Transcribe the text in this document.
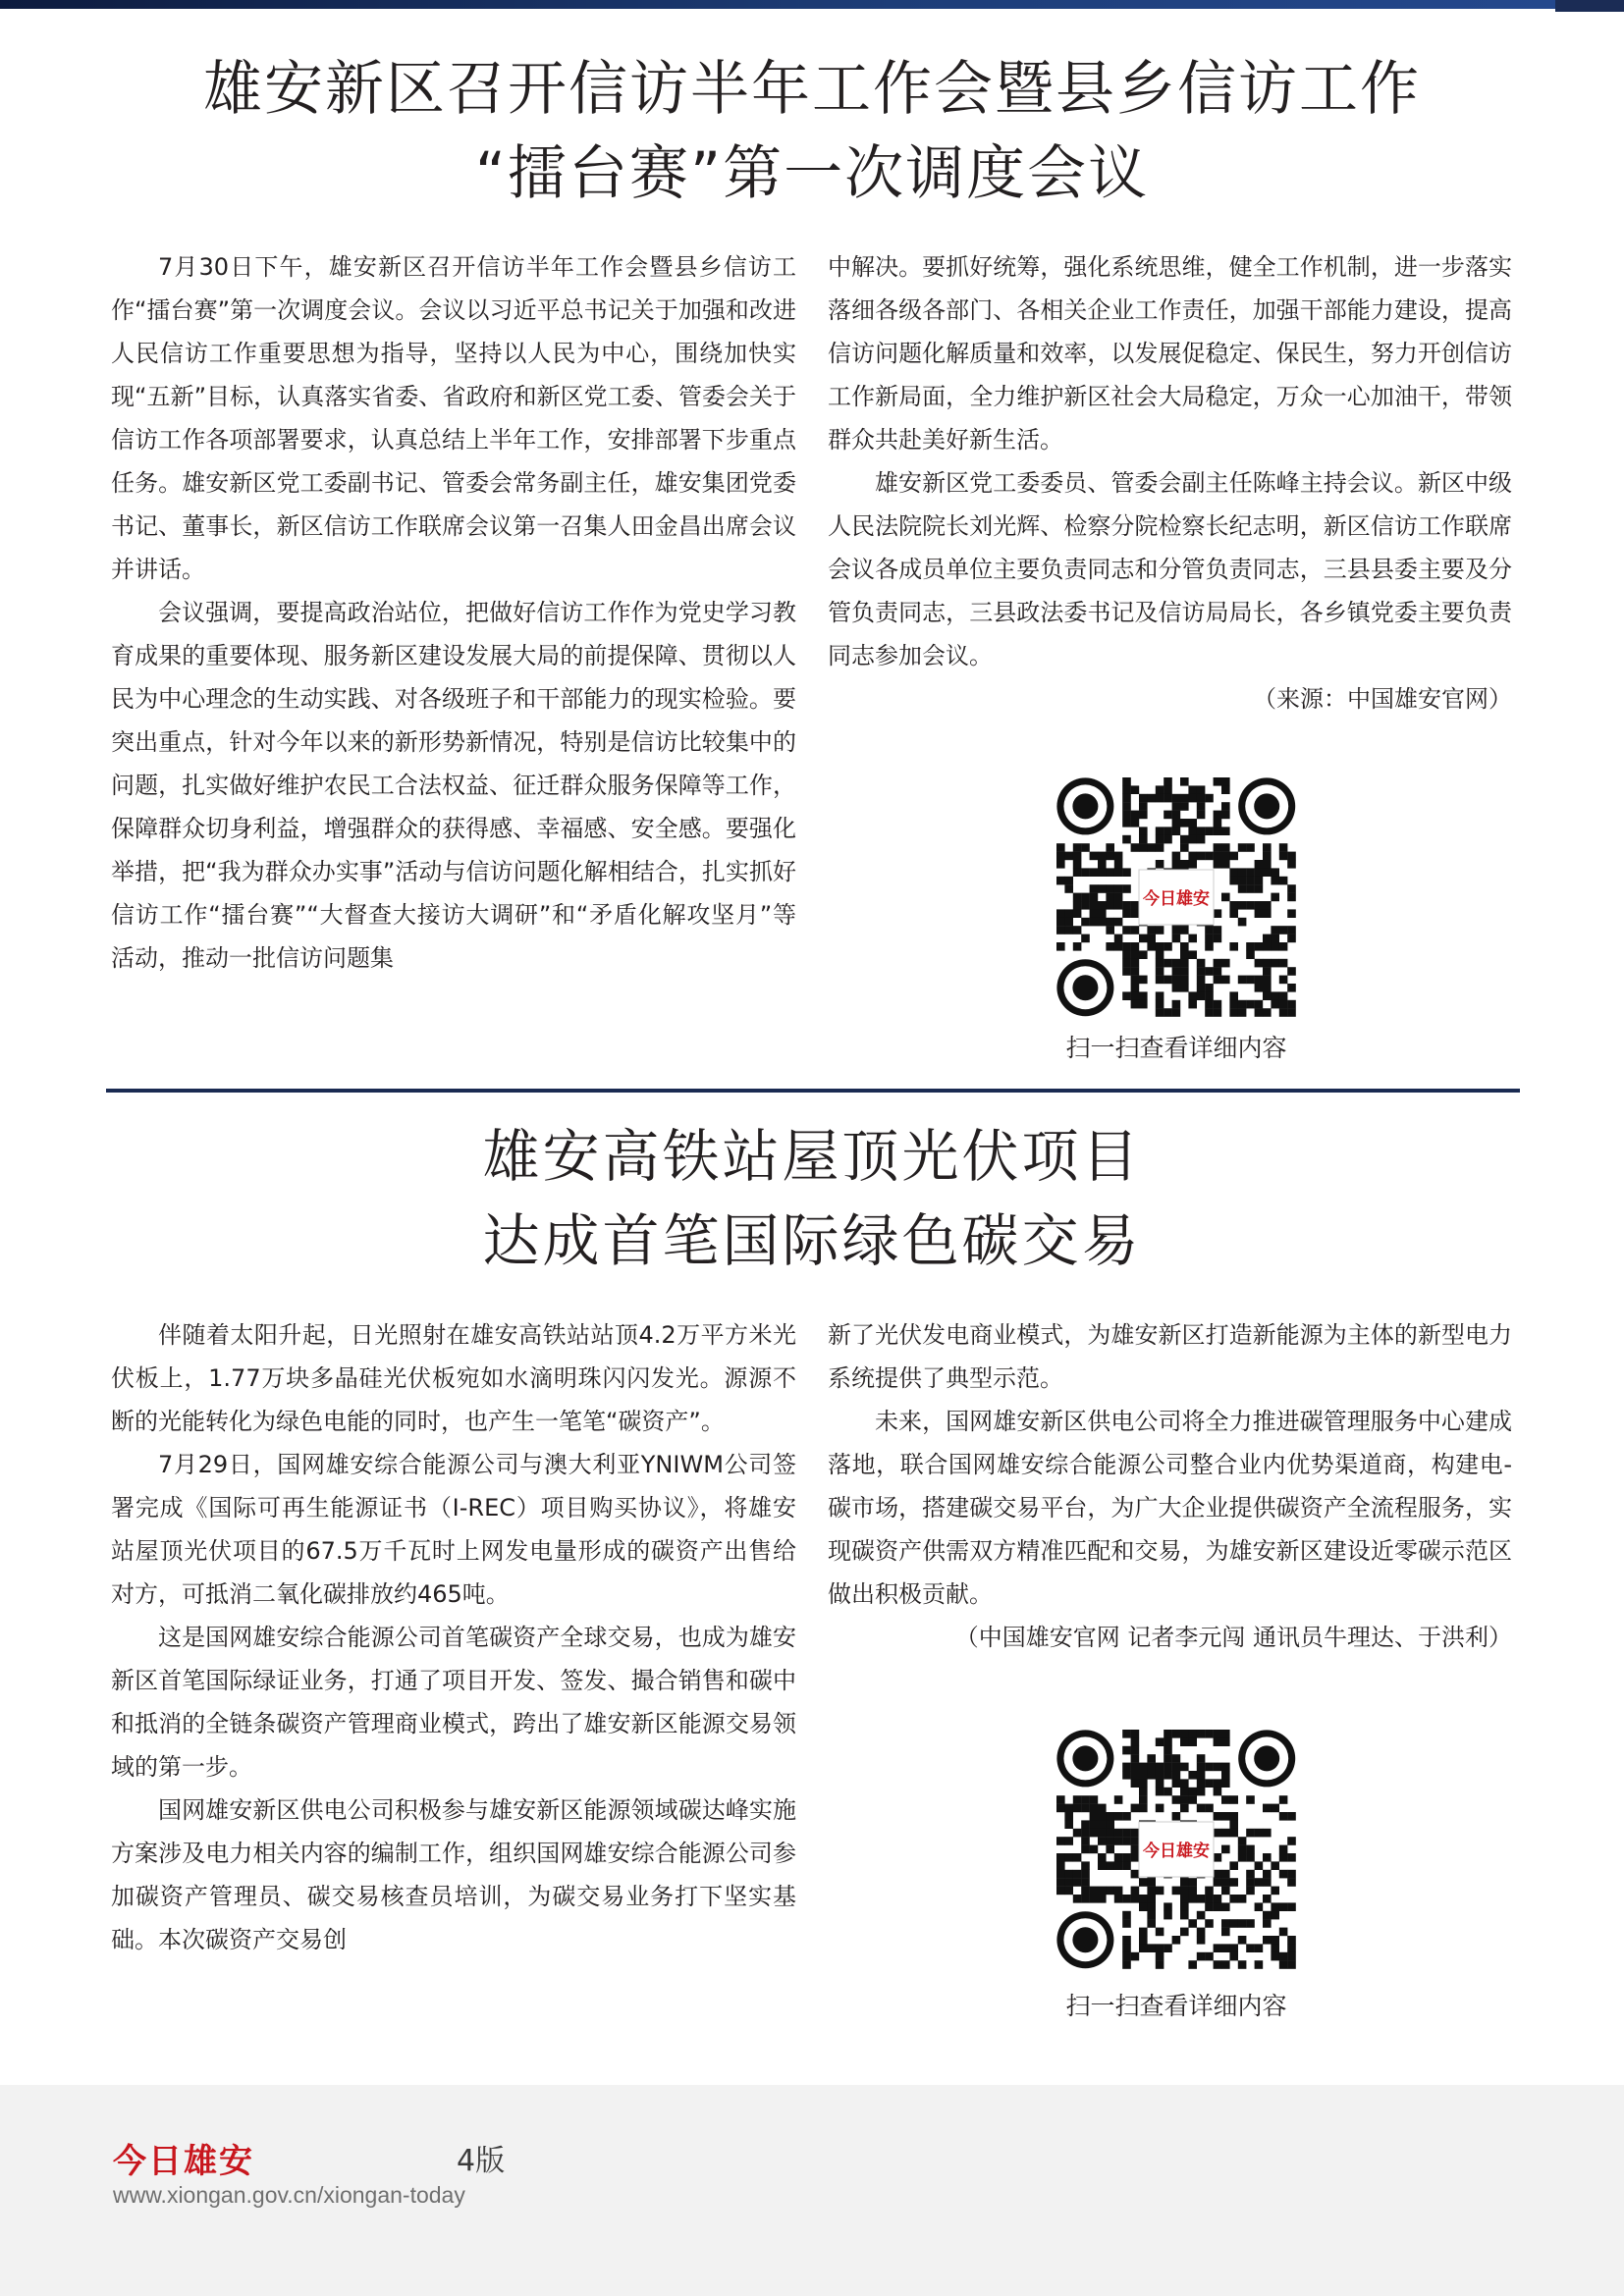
雄安新区召开信访半年工作会暨县乡信访工作
“擂台赛”第一次调度会议

7月30日下午，雄安新区召开信访半年工作会暨县乡信访工作“擂台赛”第一次调度会议。会议以习近平总书记关于加强和改进人民信访工作重要思想为指导，坚持以人民为中心，围绕加快实现“五新”目标，认真落实省委、省政府和新区党工委、管委会关于信访工作各项部署要求，认真总结上半年工作，安排部署下步重点任务。雄安新区党工委副书记、管委会常务副主任，雄安集团党委书记、董事长，新区信访工作联席会议第一召集人田金昌出席会议并讲话。

会议强调，要提高政治站位，把做好信访工作作为党史学习教育成果的重要体现、服务新区建设发展大局的前提保障、贯彻以人民为中心理念的生动实践、对各级班子和干部能力的现实检验。要突出重点，针对今年以来的新形势新情况，特别是信访比较集中的问题，扎实做好维护农民工合法权益、征迁群众服务保障等工作，保障群众切身利益，增强群众的获得感、幸福感、安全感。要强化举措，把“我为群众办实事”活动与信访问题化解相结合，扎实抓好信访工作“擂台赛”“大督查大接访大调研”和“矛盾化解攻坚月”等活动，推动一批信访问题集

中解决。要抓好统筹，强化系统思维，健全工作机制，进一步落实落细各级各部门、各相关企业工作责任，加强干部能力建设，提高信访问题化解质量和效率，以发展促稳定、保民生，努力开创信访工作新局面，全力维护新区社会大局稳定，万众一心加油干，带领群众共赴美好新生活。

雄安新区党工委委员、管委会副主任陈峰主持会议。新区中级人民法院院长刘光辉、检察分院检察长纪志明，新区信访工作联席会议各成员单位主要负责同志和分管负责同志，三县县委主要及分管负责同志，三县政法委书记及信访局局长，各乡镇党委主要负责同志参加会议。

（来源：中国雄安官网）

今日雄安
扫一扫查看详细内容
雄安高铁站屋顶光伏项目
达成首笔国际绿色碳交易

伴随着太阳升起，日光照射在雄安高铁站站顶4.2万平方米光伏板上，1.77万块多晶硅光伏板宛如水滴明珠闪闪发光。源源不断的光能转化为绿色电能的同时，也产生一笔笔“碳资产”。

7月29日，国网雄安综合能源公司与澳大利亚YNIWM公司签署完成《国际可再生能源证书（I-REC）项目购买协议》，将雄安站屋顶光伏项目的67.5万千瓦时上网发电量形成的碳资产出售给对方，可抵消二氧化碳排放约465吨。

这是国网雄安综合能源公司首笔碳资产全球交易，也成为雄安新区首笔国际绿证业务，打通了项目开发、签发、撮合销售和碳中和抵消的全链条碳资产管理商业模式，跨出了雄安新区能源交易领域的第一步。

国网雄安新区供电公司积极参与雄安新区能源领域碳达峰实施方案涉及电力相关内容的编制工作，组织国网雄安综合能源公司参加碳资产管理员、碳交易核查员培训，为碳交易业务打下坚实基础。本次碳资产交易创

新了光伏发电商业模式，为雄安新区打造新能源为主体的新型电力系统提供了典型示范。

未来，国网雄安新区供电公司将全力推进碳管理服务中心建成落地，联合国网雄安综合能源公司整合业内优势渠道商，构建电-碳市场，搭建碳交易平台，为广大企业提供碳资产全流程服务，实现碳资产供需双方精准匹配和交易，为雄安新区建设近零碳示范区做出积极贡献。

（中国雄安官网 记者李元闯 通讯员牛理达、于洪利）

今日雄安
扫一扫查看详细内容
今日雄安	4版
www.xiongan.gov.cn/xiongan-today
